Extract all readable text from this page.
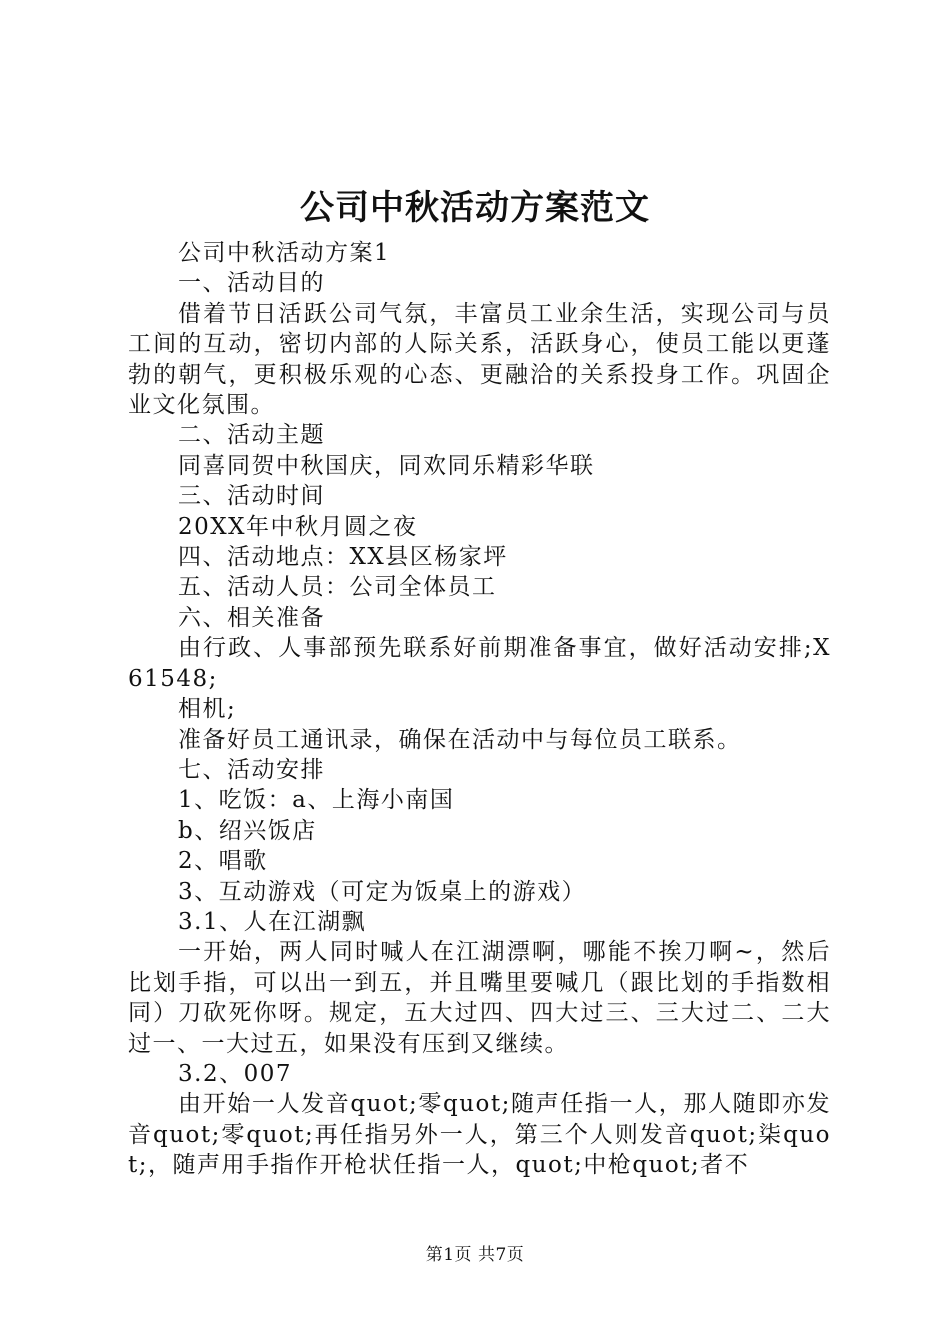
公司中秋活动方案范文

公司中秋活动方案1

一、活动目的

借着节日活跃公司气氛，丰富员工业余生活，实现公司与员工间的互动，密切内部的人际关系，活跃身心，使员工能以更蓬勃的朝气，更积极乐观的心态、更融洽的关系投身工作。巩固企业文化氛围。

二、活动主题

同喜同贺中秋国庆，同欢同乐精彩华联

三、活动时间

20XX年中秋月圆之夜

四、活动地点：XX县区杨家坪

五、活动人员：公司全体员工

六、相关准备

由行政、人事部预先联系好前期准备事宜，做好活动安排;X61548;

相机;

准备好员工通讯录，确保在活动中与每位员工联系。

七、活动安排

1、吃饭：a、上海小南国

b、绍兴饭店

2、唱歌

3、互动游戏（可定为饭桌上的游戏）

3.1、人在江湖飘

一开始，两人同时喊人在江湖漂啊，哪能不挨刀啊~，然后比划手指，可以出一到五，并且嘴里要喊几（跟比划的手指数相同）刀砍死你呀。规定，五大过四、四大过三、三大过二、二大过一、一大过五，如果没有压到又继续。

3.2、007

由开始一人发音quot;零quot;随声任指一人，那人随即亦发音quot;零quot;再任指另外一人，第三个人则发音quot;柒quot;，随声用手指作开枪状任指一人，quot;中枪quot;者不

第1页 共7页
